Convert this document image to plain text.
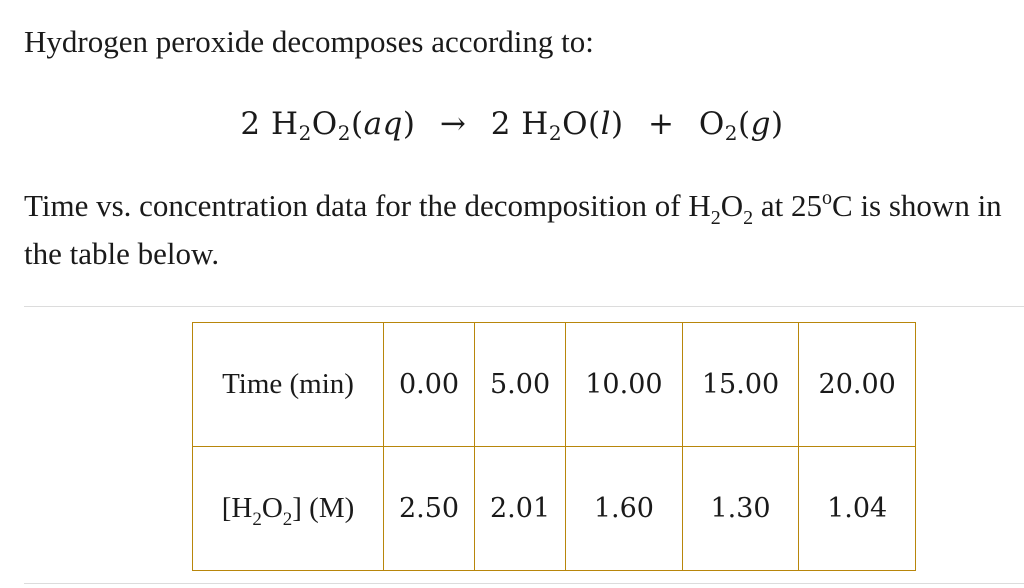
Hydrogen peroxide decomposes according to:

2 $H_2O_2(aq) \to 2$ $H_2O(l) + O_2(g)$

Time vs. concentration data for the decomposition of $H_2O_2$ at 25$^o$C is shown in the table below.

Time (min)	0.00	5.00	10.00	15.00	20.00
$[H_2O_2]$ (M)	2.50	2.01	1.60	1.30	1.04
